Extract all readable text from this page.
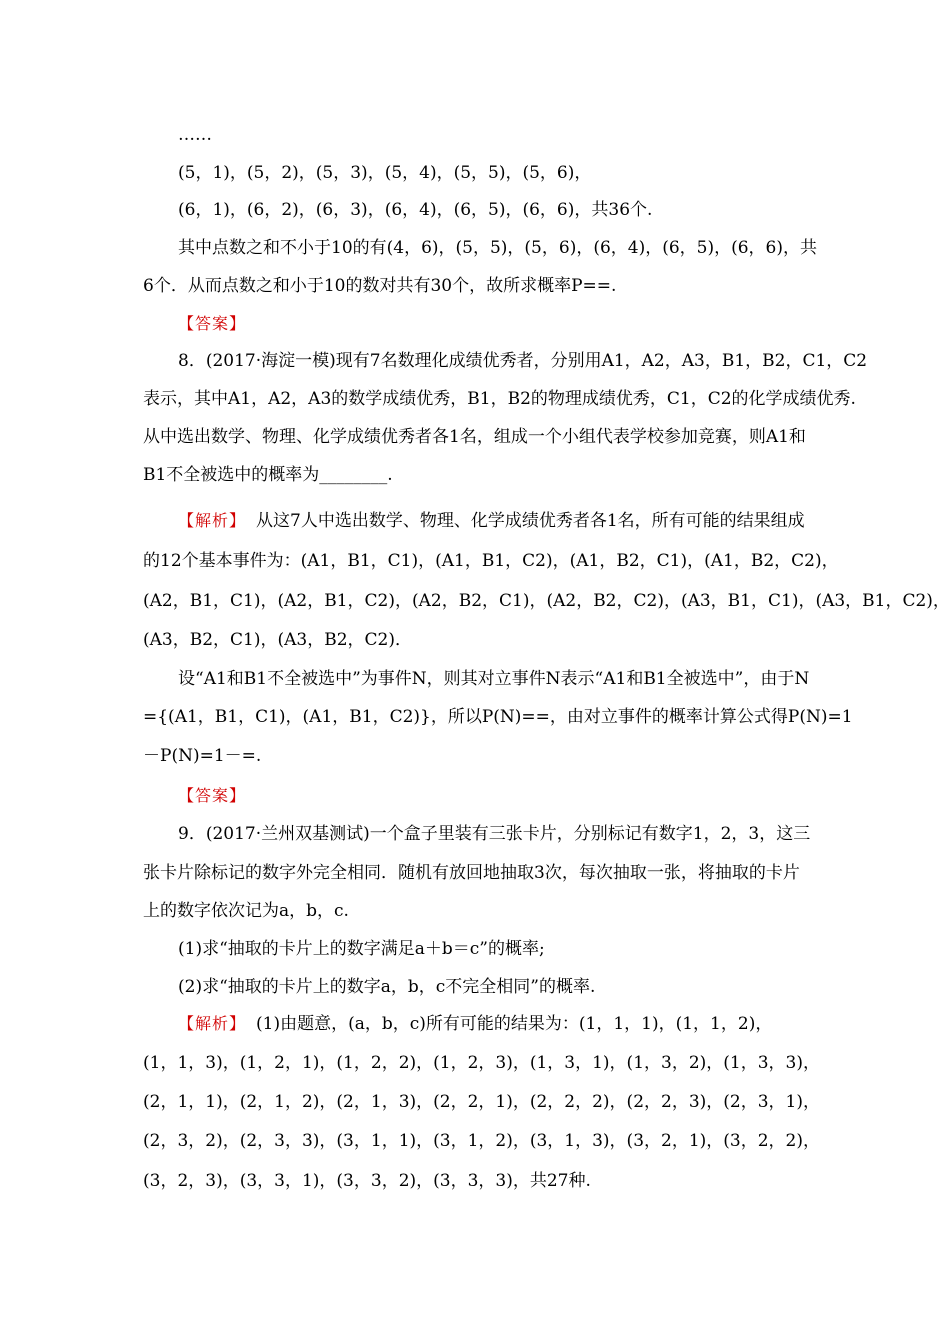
……
(5，1)，(5，2)，(5，3)，(5，4)，(5，5)，(5，6)，
(6，1)，(6，2)，(6，3)，(6，4)，(6，5)，(6，6)，共36个.
其中点数之和不小于10的有(4，6)，(5，5)，(5，6)，(6，4)，(6，5)，(6，6)，共
6个．从而点数之和小于10的数对共有30个，故所求概率P==.
【答案】
8．(2017·海淀一模)现有7名数理化成绩优秀者，分别用A1，A2，A3，B1，B2，C1，C2
表示，其中A1，A2，A3的数学成绩优秀，B1，B2的物理成绩优秀，C1，C2的化学成绩优秀.
从中选出数学、物理、化学成绩优秀者各1名，组成一个小组代表学校参加竞赛，则A1和
B1不全被选中的概率为________.
【解析】 从这7人中选出数学、物理、化学成绩优秀者各1名，所有可能的结果组成
的12个基本事件为：(A1，B1，C1)，(A1，B1，C2)，(A1，B2，C1)，(A1，B2，C2)，
(A2，B1，C1)，(A2，B1，C2)，(A2，B2，C1)，(A2，B2，C2)，(A3，B1，C1)，(A3，B1，C2)，
(A3，B2，C1)，(A3，B2，C2)．
设“A1和B1不全被选中”为事件N，则其对立事件N表示“A1和B1全被选中”，由于N
={(A1，B1，C1)，(A1，B1，C2)}，所以P(N)==，由对立事件的概率计算公式得P(N)=1
－P(N)=1－=.
【答案】
9．(2017·兰州双基测试)一个盒子里装有三张卡片，分别标记有数字1，2，3，这三
张卡片除标记的数字外完全相同．随机有放回地抽取3次，每次抽取一张，将抽取的卡片
上的数字依次记为a，b，c.
(1)求“抽取的卡片上的数字满足a＋b＝c”的概率;
(2)求“抽取的卡片上的数字a，b，c不完全相同”的概率.
【解析】 (1)由题意，(a，b，c)所有可能的结果为：(1，1，1)，(1，1，2)，
(1，1，3)，(1，2，1)，(1，2，2)，(1，2，3)，(1，3，1)，(1，3，2)，(1，3，3)，
(2，1，1)，(2，1，2)，(2，1，3)，(2，2，1)，(2，2，2)，(2，2，3)，(2，3，1)，
(2，3，2)，(2，3，3)，(3，1，1)，(3，1，2)，(3，1，3)，(3，2，1)，(3，2，2)，
(3，2，3)，(3，3，1)，(3，3，2)，(3，3，3)，共27种.
